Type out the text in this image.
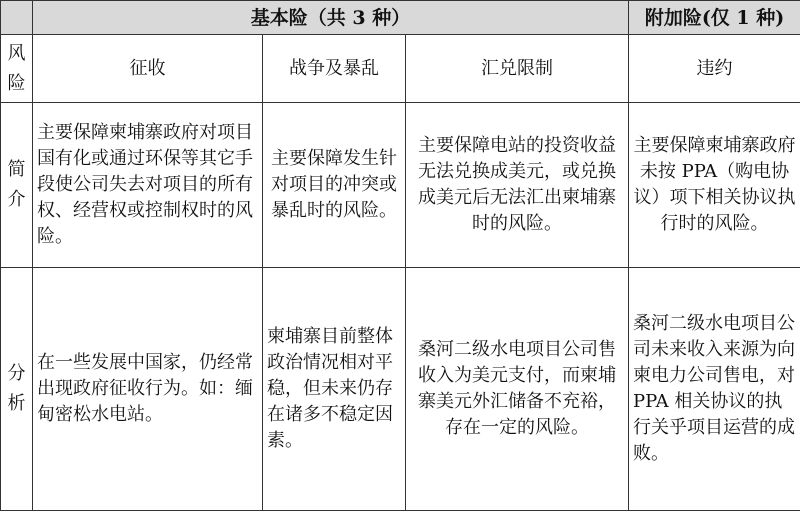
	基本险（共 3 种）			附加险(仅 1 种)

风
险	征收	战争及暴乱	汇兑限制	违约

简
介	主要保障柬埔寨政府对项目国有化或通过环保等其它手段使公司失去对项目的所有权、经营权或控制权时的风险。	主要保障发生针对项目的冲突或暴乱时的风险。	主要保障电站的投资收益无法兑换成美元，或兑换成美元后无法汇出柬埔寨时的风险。	主要保障柬埔寨政府未按 PPA（购电协议）项下相关协议执行时的风险。

分
析	在一些发展中国家，仍经常出现政府征收行为。如：缅甸密松水电站。	柬埔寨目前整体政治情况相对平稳，但未来仍存在诸多不稳定因素。	桑河二级水电项目公司售收入为美元支付，而柬埔寨美元外汇储备不充裕，存在一定的风险。	桑河二级水电项目公司未来收入来源为向柬电力公司售电，对 PPA 相关协议的执行关乎项目运营的成败。
